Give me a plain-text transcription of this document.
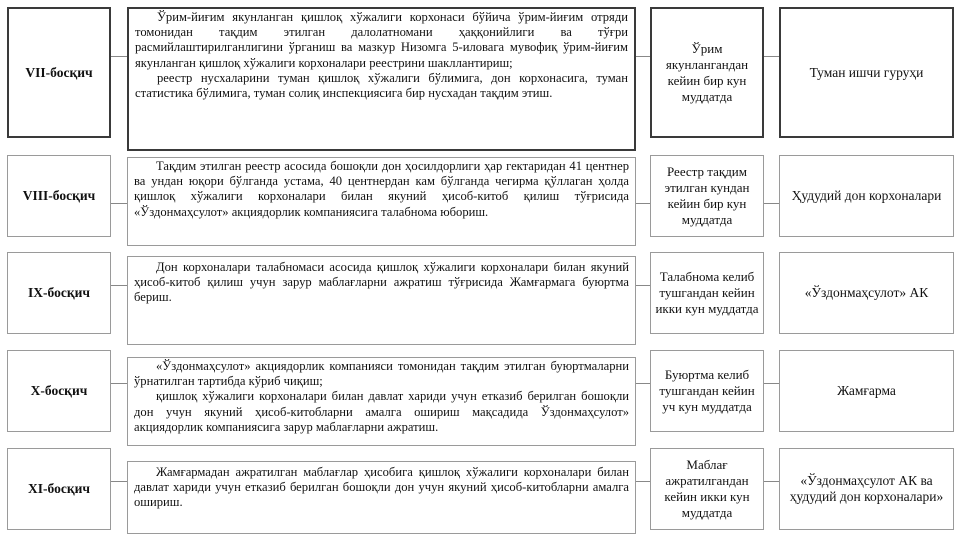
VII-босқич

Ўрим-йиғим якунланган қишлоқ хўжалиги корхонаси бўйича ўрим-йиғим отряди томонидан тақдим этилган далолатномани ҳаққонийлиги ва тўғри расмийлаштирилганлигини ўрганиш ва мазкур Низомга 5-иловага мувофиқ ўрим-йиғим якунланган қишлоқ хўжалиги корхоналари реестрини шакллантириш;

реестр нусхаларини туман қишлоқ хўжалиги бўлимига, дон корхонасига, туман статистика бўлимига, туман солиқ инспекциясига бир нусхадан тақдим этиш.

Ўрим якунлангандан кейин бир кун муддатда
Туман ишчи гуруҳи
VIII-босқич

Тақдим этилган реестр асосида бошоқли дон ҳосилдорлиги ҳар гектаридан 41 центнер ва ундан юқори бўлганда устама, 40 центнердан кам бўлганда чегирма қўллаган ҳолда қишлоқ хўжалиги корхоналари билан якуний ҳисоб-китоб қилиш тўғрисида «Ўздонмаҳсулот» акциядорлик компаниясига талабнома юбориш.

Реестр тақдим этилган кундан кейин бир кун муддатда
Ҳудудий дон корхоналари
IX-босқич

Дон корхоналари талабномаси асосида қишлоқ хўжалиги корхоналари билан якуний ҳисоб-китоб қилиш учун зарур маблағларни ажратиш тўғрисида Жамғармага буюртма бериш.

Талабнома келиб тушгандан кейин икки кун муддатда
«Ўздонмаҳсулот» АК
X-босқич

«Ўздонмаҳсулот» акциядорлик компанияси томонидан тақдим этилган буюртмаларни ўрнатилган тартибда кўриб чиқиш;

қишлоқ хўжалиги корхоналари билан давлат хариди учун етказиб берилган бошоқли дон учун якуний ҳисоб-китобларни амалга ошириш мақсадида Ўздонмаҳсулот» акциядорлик компаниясига зарур маблағларни ажратиш.

Буюртма келиб тушгандан кейин уч кун муддатда
Жамғарма
XI-босқич

Жамғармадан ажратилган маблағлар ҳисобига қишлоқ хўжалиги корхоналари билан давлат хариди учун етказиб берилган бошоқли дон учун якуний ҳисоб-китобларни амалга ошириш.

Маблағ ажратилгандан кейин икки кун муддатда
«Ўздонмаҳсулот АК ва ҳудудий дон корхоналари»
